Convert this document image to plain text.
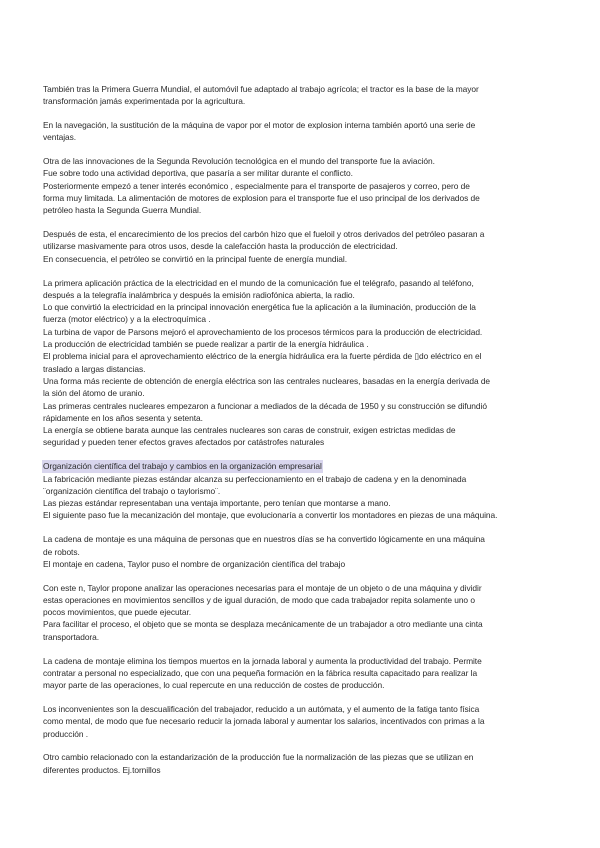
También tras la Primera Guerra Mundial, el automóvil fue adaptado al trabajo agrícola; el tractor es la base de la mayor
transformación jamás experimentada por la agricultura.
En la navegación, la sustitución de la máquina de vapor por el motor de explosion interna también aportó una serie de
ventajas.
Otra de las innovaciones de la Segunda Revolución tecnológica en el mundo del transporte fue la aviación.
Fue sobre todo una actividad deportiva, que pasaría a ser militar durante el conflicto.
Posteriormente empezó a tener interés económico , especialmente para el transporte de pasajeros y correo, pero de
forma muy limitada. La alimentación de motores de explosion para el transporte fue el uso principal de los derivados de
petróleo hasta la Segunda Guerra Mundial.
Después de esta, el encarecimiento de los precios del carbón hizo que el fueloil y otros derivados del petróleo pasaran a
utilizarse masivamente para otros usos, desde la calefacción hasta la producción de electricidad.
En consecuencia, el petróleo se convirtió en la principal fuente de energía mundial.
La primera aplicación práctica de la electricidad en el mundo de la comunicación fue el telégrafo, pasando al teléfono,
después a la telegrafía inalámbrica y después la emisión radiofónica abierta, la radio.
Lo que convirtió la electricidad en la principal innovación energética fue la aplicación a la iluminación, producción de la
fuerza (motor eléctrico) y a la electroquímica .
La turbina de vapor de Parsons mejoró el aprovechamiento de los procesos térmicos para la producción de electricidad.
La producción de electricidad también se puede realizar a partir de la energía hidráulica .
El problema inicial para el aprovechamiento eléctrico de la energía hidráulica era la fuerte pérdida de ▯do eléctrico en el
traslado a largas distancias.
Una forma más reciente de obtención de energía eléctrica son las centrales nucleares, basadas en la energía derivada de
la sión del átomo de uranio.
Las primeras centrales nucleares empezaron a funcionar a mediados de la década de 1950 y su construcción se difundió
rápidamente en los años sesenta y setenta.
La energía se obtiene barata aunque las centrales nucleares son caras de construir, exigen estrictas medidas de
seguridad y pueden tener efectos graves afectados por catástrofes naturales
Organización científica del trabajo y cambios en la organización empresarial
La fabricación mediante piezas estándar alcanza su perfeccionamiento en el trabajo de cadena y en la denominada
¨organización científica del trabajo o taylorismo¨.
Las piezas estándar representaban una ventaja importante, pero tenían que montarse a mano.
El siguiente paso fue la mecanización del montaje, que evolucionaría a convertir los montadores en piezas de una máquina.
La cadena de montaje es una máquina de personas que en nuestros días se ha convertido lógicamente en una máquina
de robots.
El montaje en cadena, Taylor puso el nombre de organización científica del trabajo
Con este n, Taylor propone analizar las operaciones necesarias para el montaje de un objeto o de una máquina y dividir
estas operaciones en movimientos sencillos y de igual duración, de modo que cada trabajador repita solamente uno o
pocos movimientos, que puede ejecutar.
Para facilitar el proceso, el objeto que se monta se desplaza mecánicamente de un trabajador a otro mediante una cinta
transportadora.
La cadena de montaje elimina los tiempos muertos en la jornada laboral y aumenta la productividad del trabajo. Permite
contratar a personal no especializado, que con una pequeña formación en la fábrica resulta capacitado para realizar la
mayor parte de las operaciones, lo cual repercute en una reducción de costes de producción.
Los inconvenientes son la descualificación del trabajador, reducido a un autómata, y el aumento de la fatiga tanto física
como mental, de modo que fue necesario reducir la jornada laboral y aumentar los salarios, incentivados con primas a la
producción .
Otro cambio relacionado con la estandarización de la producción fue la normalización de las piezas que se utilizan en
diferentes productos. Ej.tornillos
